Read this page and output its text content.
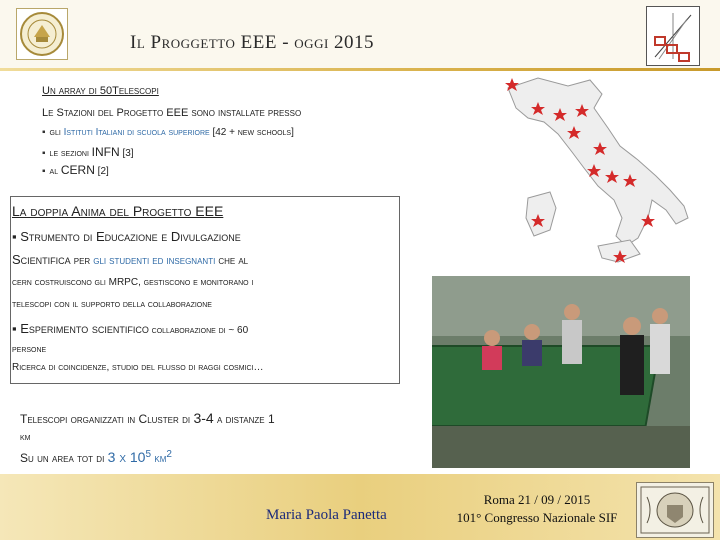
Il Proggetto EEE - oggi 2015
Un array di 50Telescopi
Le Stazioni del Progetto EEE sono installate presso
▪ gli Istituti Italiani di scuola superiore [42 + new schools]
▪ le sezioni INFN [3]
▪ al CERN [2]
La doppia Anima del Progetto EEE
▪ Strumento di Educazione e Divulgazione
Scientifica per gli studenti ed insegnanti che al
cern costruiscono gli MRPC, gestiscono e monitorano i
telescopi con il supporto della collaborazione
▪ Esperimento scientifico collaborazione di ~ 60
persone
Ricerca di coincidenze, studio del flusso di raggi cosmici…
Telescopi organizzati in Cluster di 3-4 a distanze 1
km
Su un area tot di 3 x $10^5$ $km^2$
Maria Paola Panetta
Roma 21 / 09 / 2015
101° Congresso Nazionale SIF
